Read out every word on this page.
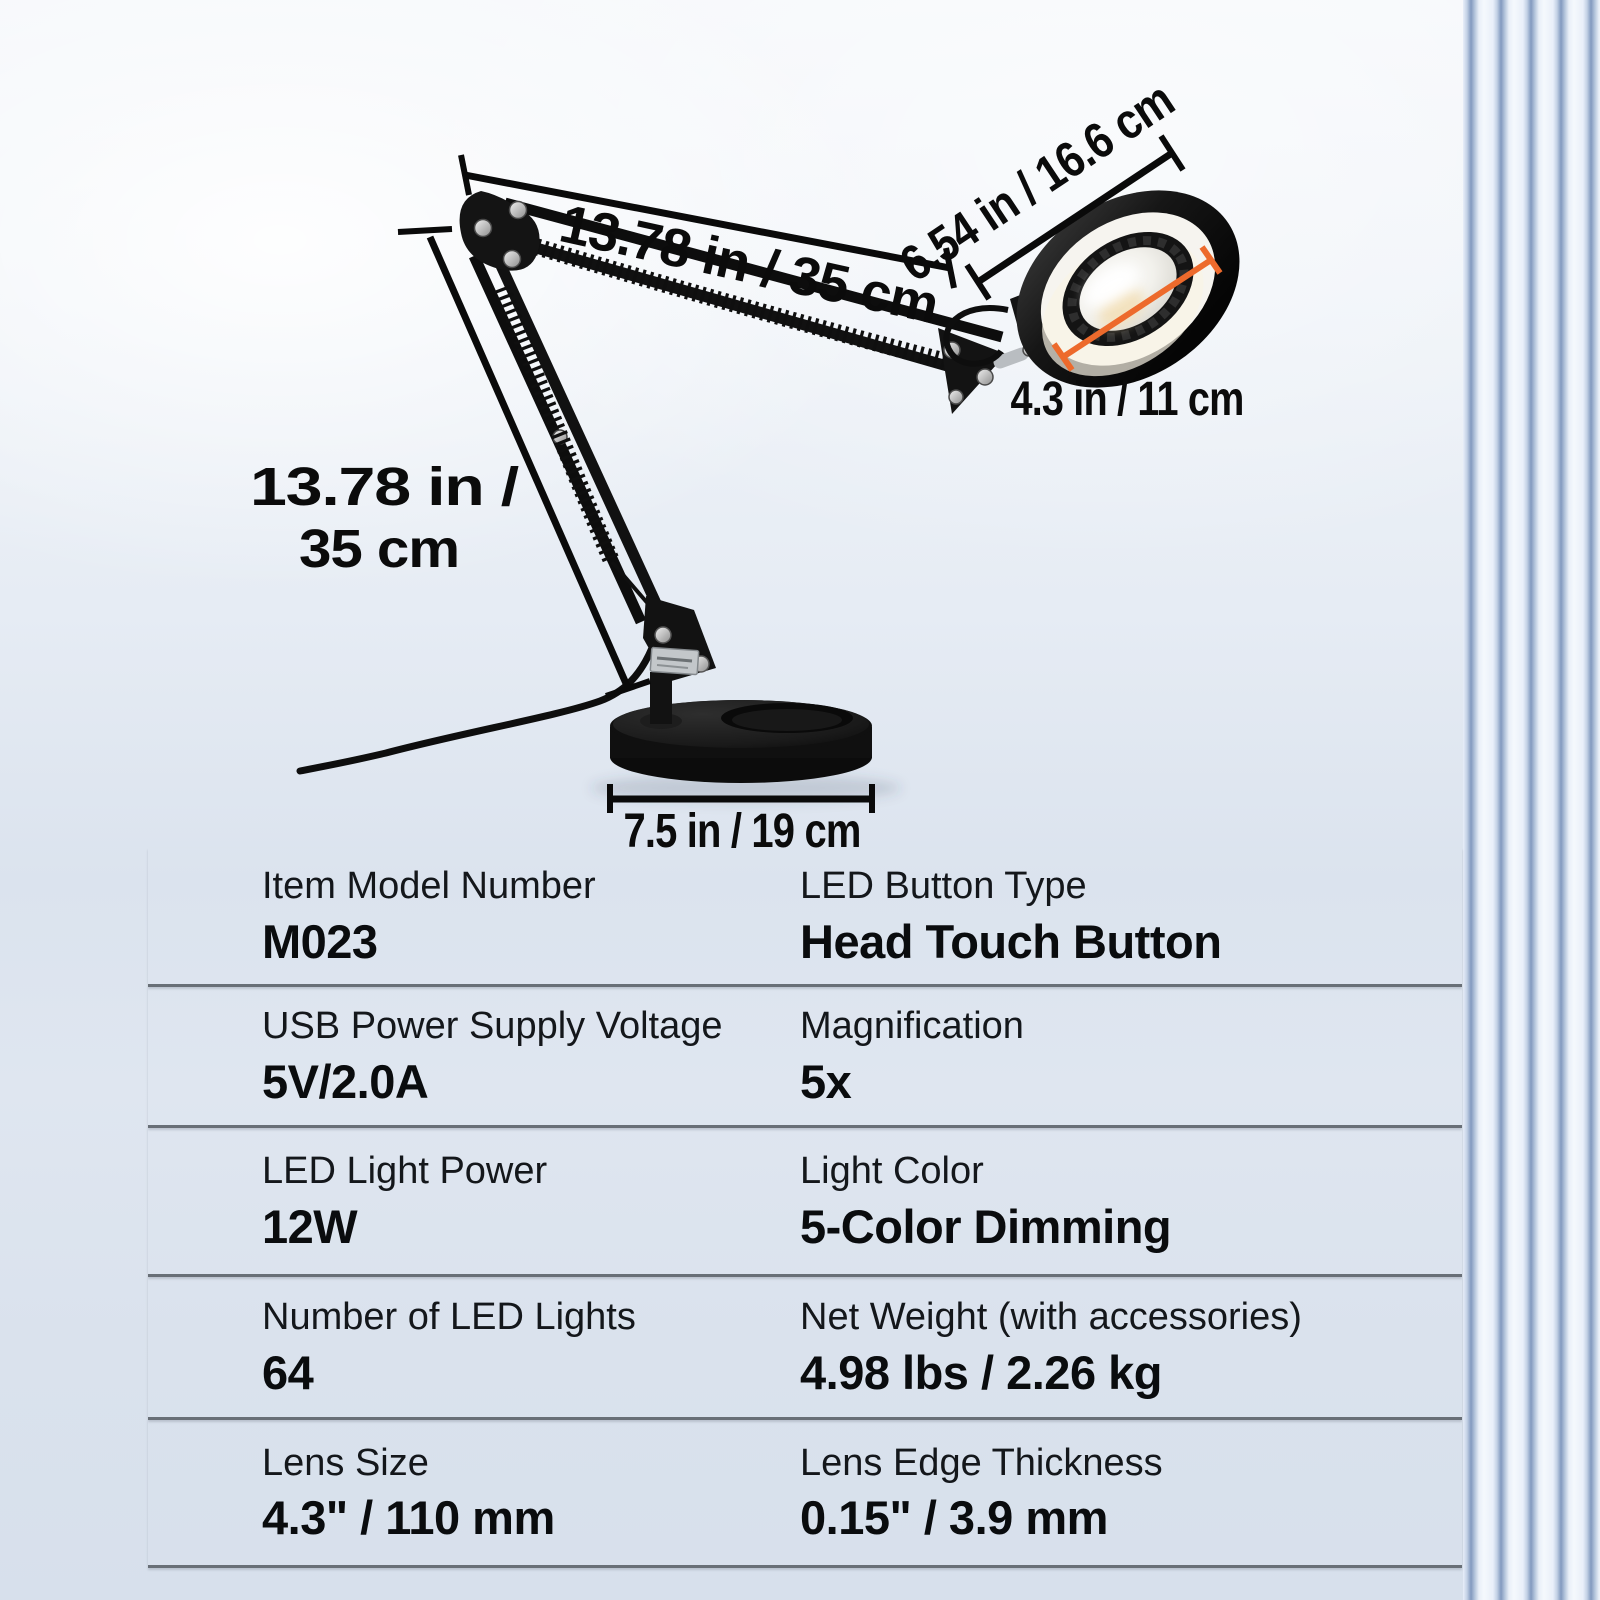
13.78 in / 35 cm
6.54 in / 16.6 cm
13.78 in /
35 cm
4.3 in / 11 cm
7.5 in / 19 cm
Item Model Number
M023
LED Button Type
Head Touch Button
USB Power Supply Voltage
5V/2.0A
Magnification
5x
LED Light Power
12W
Light Color
5-Color Dimming
Number of LED Lights
64
Net Weight (with accessories)
4.98 lbs / 2.26 kg
Lens Size
4.3" / 110 mm
Lens Edge Thickness
0.15" / 3.9 mm
